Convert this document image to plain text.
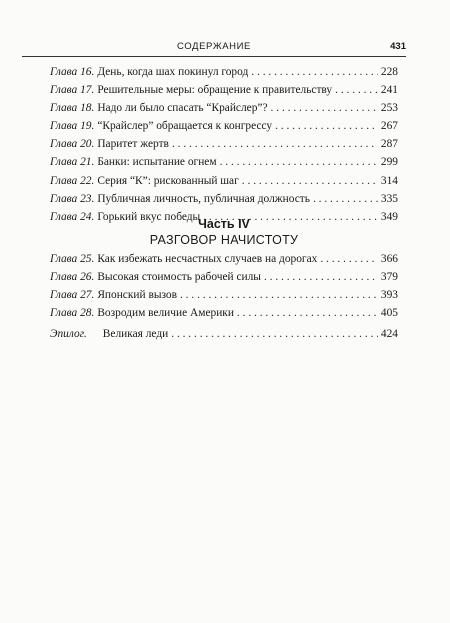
СОДЕРЖАНИЕ	431
Глава 16. День, когда шах покинул город . . .	228
Глава 17. Решительные меры: обращение к правительству . . .	241
Глава 18. Надо ли было спасать “Крайслер”? . . .	253
Глава 19. “Крайслер” обращается к конгрессу . . .	267
Глава 20. Паритет жертв . . .	287
Глава 21. Банки: испытание огнем . . .	299
Глава 22. Серия “К”: рискованный шаг . . .	314
Глава 23. Публичная личность, публичная должность . . .	335
Глава 24. Горький вкус победы . . .	349
Часть IV
РАЗГОВОР НАЧИСТОТУ
Глава 25. Как избежать несчастных случаев на дорогах . . .	366
Глава 26. Высокая стоимость рабочей силы . . .	379
Глава 27. Японский вызов . . .	393
Глава 28. Возродим величие Америки . . .	405
Эпилог. Великая леди . . .	424
